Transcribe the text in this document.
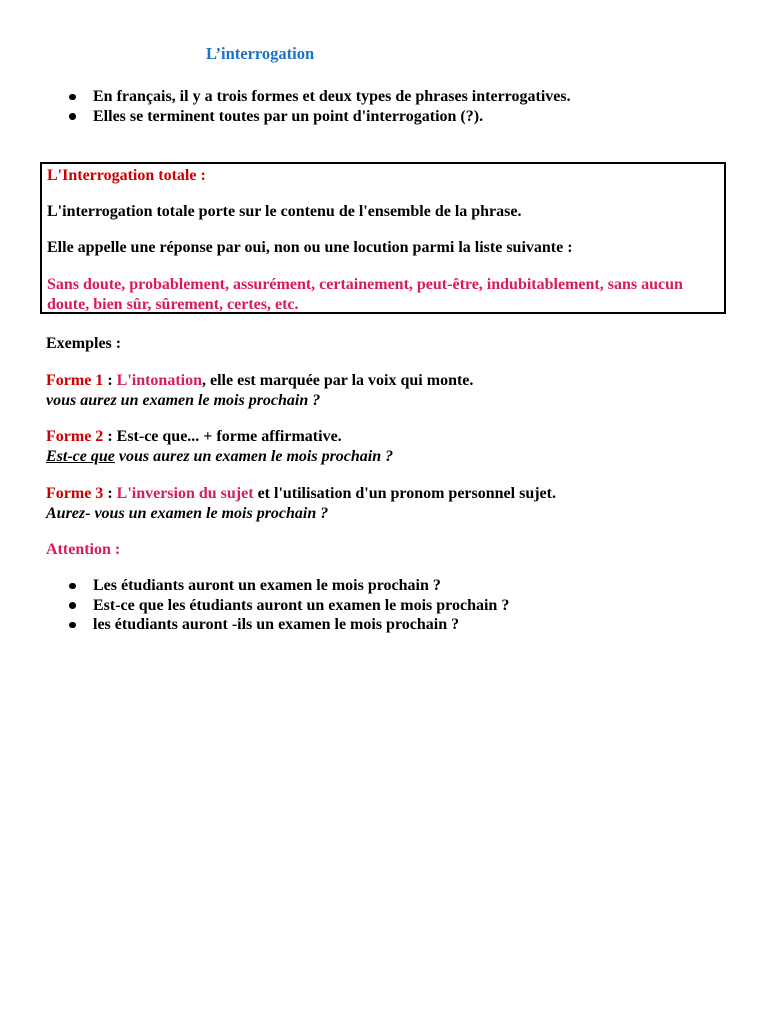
L’interrogation
En français, il y a trois formes et deux types de phrases interrogatives.
Elles se terminent toutes par un point d'interrogation (?).

L'Interrogation totale :

L'interrogation totale porte sur le contenu de l'ensemble de la phrase.

Elle appelle une réponse par oui, non ou une locution parmi la liste suivante :

Sans doute, probablement, assurément, certainement, peut-être, indubitablement, sans aucun doute, bien sûr, sûrement, certes, etc.

Exemples :
Forme 1 : L'intonation, elle est marquée par la voix qui monte.
vous aurez un examen le mois prochain ?
Forme 2 : Est-ce que... + forme affirmative.
Est-ce que vous aurez un examen le mois prochain ?
Forme 3 : L'inversion du sujet et l'utilisation d'un pronom personnel sujet.
Aurez- vous un examen le mois prochain ?
Attention :
Les étudiants auront un examen le mois prochain ?
Est-ce que les étudiants auront un examen le mois prochain ?
les étudiants auront -ils un examen le mois prochain ?
